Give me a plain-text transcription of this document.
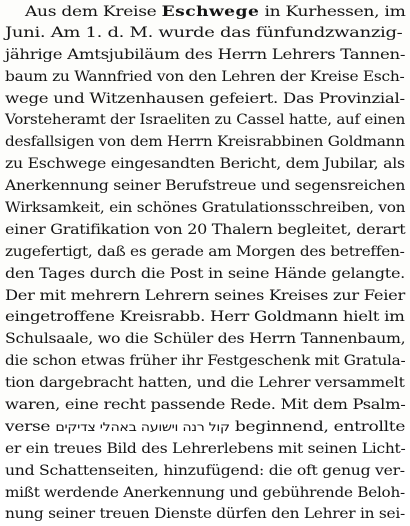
Aus dem Kreise Eschwege in Kurhessen, im
Juni. Am 1. d. M. wurde das fünfundzwanzig-
jährige Amtsjubiläum des Herrn Lehrers Tannen-
baum zu Wannfried von den Lehren der Kreise Esch-
wege und Witzenhausen gefeiert. Das Provinzial-
Vorsteheramt der Israeliten zu Cassel hatte, auf einen
desfallsigen von dem Herrn Kreisrabbinen Goldmann
zu Eschwege eingesandten Bericht, dem Jubilar, als
Anerkennung seiner Berufstreue und segensreichen
Wirksamkeit, ein schönes Gratulationsschreiben, von
einer Gratifikation von 20 Thalern begleitet, derart
zugefertigt, daß es gerade am Morgen des betreffen-
den Tages durch die Post in seine Hände gelangte.
Der mit mehrern Lehrern seines Kreises zur Feier
eingetroffene Kreisrabb. Herr Goldmann hielt im
Schulsaale, wo die Schüler des Herrn Tannenbaum,
die schon etwas früher ihr Festgeschenk mit Gratula-
tion dargebracht hatten, und die Lehrer versammelt
waren, eine recht passende Rede. Mit dem Psalm-
verse קול רנה וישועה באהלי צדיקים beginnend, entrollte
er ein treues Bild des Lehrerlebens mit seinen Licht-
und Schattenseiten, hinzufügend: die oft genug ver-
mißt werdende Anerkennung und gebührende Beloh-
nung seiner treuen Dienste dürfen den Lehrer in sei-
